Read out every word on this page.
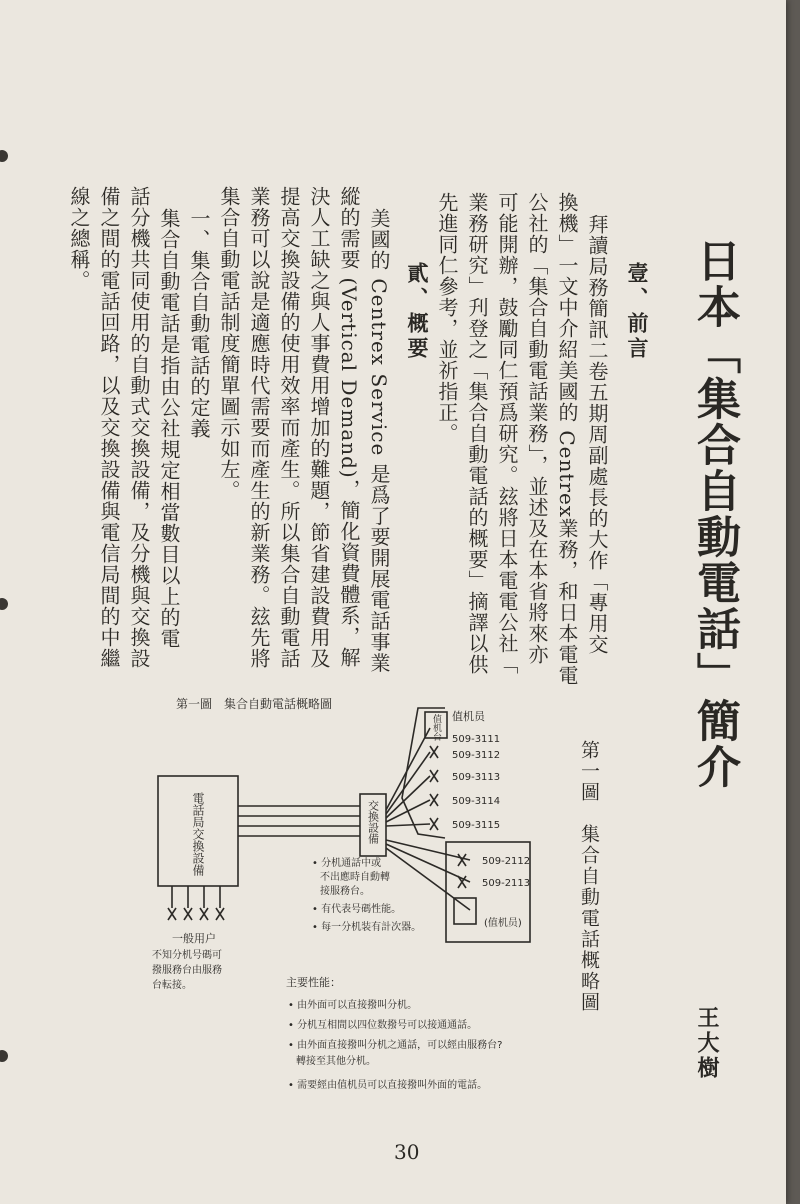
日本「集合自動電話」簡介
壹、前言
拜讀局務簡訊二卷五期周副處長的大作「專用交
換機」一文中介紹美國的 Centrex業務，和日本電電
公社的「集合自動電話業務」，並述及在本省將來亦
可能開辦，鼓勵同仁預爲研究。玆將日本電電公社「
業務研究」刋登之「集合自動電話的概要」摘譯以供
先進同仁參考，並祈指正。
貳、概要
美國的 Centrex Service 是爲了要開展電話事業
縱的需要 (Vertical Demand)，簡化資費體系，解
決人工缺之與人事費用增加的難題，節省建設費用及
提高交換設備的使用效率而產生。所以集合自動電話
業務可以說是適應時代需要而產生的新業務。玆先將
集合自動電話制度簡單圖示如左。
一、集合自動電話的定義
集合自動電話是指由公社規定相當數目以上的電
話分機共同使用的自動式交換設備，及分機與交換設
備之間的電話回路，以及交換設備與電信局間的中繼
線之總稱。
第一圖　集合自動電話概略圖
王大樹
第一圖　集合自動電話概略圖
電話局交換設備	交換設備
值机台 值机员
509-3111
509-3112
509-3113
509-3114
509-3115
509-2112
509-2113
(值机员)
• 分机通話中或
不出應時自動轉
接服務台。
• 有代表号碼性能。
• 每一分机装有計次器。
一般用户
不知分机号碼可
撥服務台由服務
台転接。	主要性能：
• 由外面可以直接撥叫分机。
• 分机互相間以四位数撥号可以接通通話。
• 由外面直接撥叫分机之通話，可以經由服務台?
轉接至其他分机。
• 需要經由值机员可以直接撥叫外面的電話。
30
